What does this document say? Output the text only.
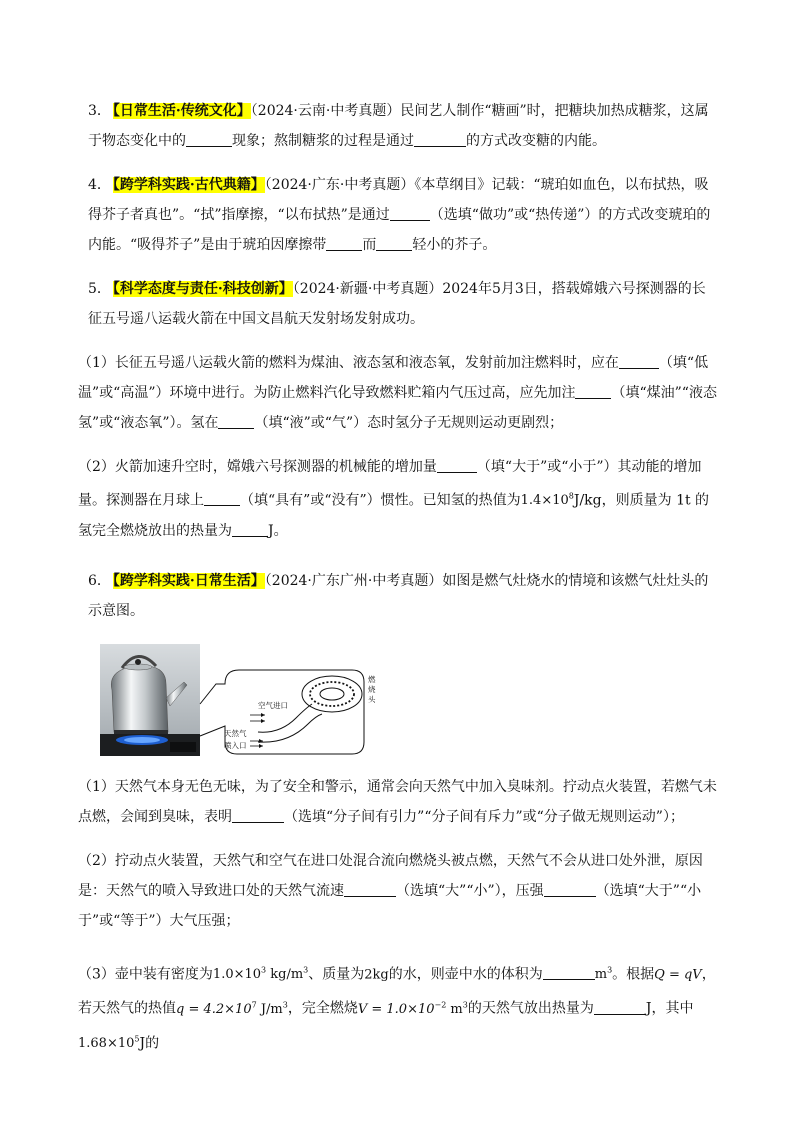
3． 【日常生活·传统文化】（2024·云南·中考真题）民间艺人制作“糖画”时，把糖块加热成糖浆，这属于物态变化中的	现象；熬制糖浆的过程是通过	的方式改变糖的内能。

4． 【跨学科实践·古代典籍】（2024·广东·中考真题）《本草纲目》记载：“琥珀如血色，以布拭热，吸得芥子者真也”。“拭”指摩擦，“以布拭热”是通过	（选填“做功”或“热传递”）的方式改变琥珀的内能。“吸得芥子”是由于琥珀因摩擦带	而	轻小的芥子。

5． 【科学态度与责任·科技创新】（2024·新疆·中考真题）2024年5月3日，搭载嫦娥六号探测器的长征五号遥八运载火箭在中国文昌航天发射场发射成功。

（1）长征五号遥八运载火箭的燃料为煤油、液态氢和液态氧，发射前加注燃料时，应在	（填“低温”或“高温”）环境中进行。为防止燃料汽化导致燃料贮箱内气压过高，应先加注	（填“煤油”“液态氢”或“液态氧”）。氢在	（填“液”或“气”）态时氢分子无规则运动更剧烈；

（2）火箭加速升空时，嫦娥六号探测器的机械能的增加量	（填“大于”或“小于”）其动能的增加量。探测器在月球上	（填“具有”或“没有”）惯性。已知氢的热值为$1.4\times 10^8J/kg$，则质量为 1t 的氢完全燃烧放出的热量为	J。

6． 【跨学科实践·日常生活】（2024·广东广州·中考真题）如图是燃气灶烧水的情境和该燃气灶灶头的示意图。

空气进口
天然气
喷入口
燃
烧
头

（1）天然气本身无色无味，为了安全和警示，通常会向天然气中加入臭味剂。拧动点火装置，若燃气未点燃，会闻到臭味，表明	（选填“分子间有引力”“分子间有斥力”或“分子做无规则运动”）；

（2）拧动点火装置，天然气和空气在进口处混合流向燃烧头被点燃，天然气不会从进口处外泄，原因是：天然气的喷入导致进口处的天然气流速	（选填“大”“小”），压强	（选填“大于”“小于”或“等于”）大气压强；

（3）壶中装有密度为$1.0\times 10^3$ $kg/m^3$、质量为2kg的水，则壶中水的体积为	$m^3$。根据Q = qV，若天然气的热值$q = 4.2\times 10^7$ $J/m^3$，完全燃烧$V = 1.0\times 10^{-2}$ $m^3$的天然气放出热量为	J，其中$1.68\times 10^5J$的
